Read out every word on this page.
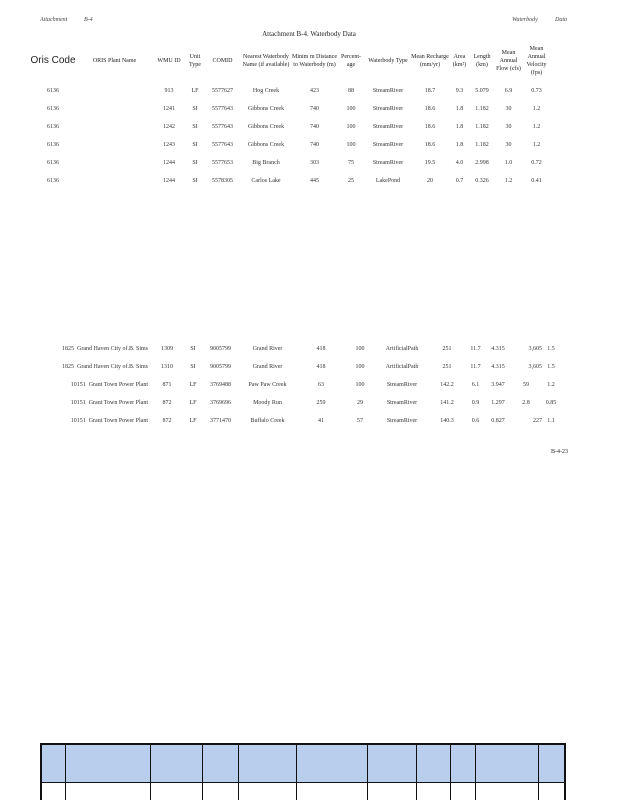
Attachment	B-4	Waterbody	Data
Attachment B-4. Waterbody Data
Oris Code	ORIS Plant Name	WMU ID	Unit Type	COMID	Nearest Waterbody Name (if available)	Minim m Distance to Waterbody (m)	Percent-age	Waterbody Type	Mean Recharge (mm/yr)	Area (km²)	Length (km)	Mean Annual Flow (cfs)	Mean Annual Velocity (fps)
6136		913	LF	5577627	Hog Creek	423	88	StreamRiver	18.7	9.3	5.079	6.9	0.73
6136		1241	SI	5577643	Gibbons Creek	740	100	StreamRiver	18.6	1.8	1.182	30	1.2
6136		1242	SI	5577643	Gibbons Creek	740	100	StreamRiver	18.6	1.8	1.182	30	1.2
6136		1243	SI	5577643	Gibbons Creek	740	100	StreamRiver	18.6	1.8	1.182	30	1.2
6136		1244	SI	5577653	Big Branch	303	75	StreamRiver	19.5	4.0	2.998	1.0	0.72
6136		1244	SI	5578305	Carlos Lake	445	25	LakePond	20	0.7	0.326	1.2	0.41
1825 Grand Haven City of.B. Sims	1309	SI	9005799	Grand River	418	100	ArtificialPath	251	11.7	4.315	3,605	1.5
1825 Grand Haven City of.B. Sims	1310	SI	9005799	Grand River	418	100	ArtificialPath	251	11.7	4.315	3,605	1.5
10151 Grant Town Power Plant	871	LF	3769488	Paw Paw Creek	63	100	StreamRiver	142.2	6.1	3.947	59	1.2
10151 Grant Town Power Plant	872	LF	3769696	Moody Run	259	29	StreamRiver	141.2	0.9	1.297	2.8	0.85
10151 Grant Town Power Plant	872	LF	3771470	Buffalo Creek	41	57	StreamRiver	140.3	0.6	0.827	227	1.1
B-4-23
